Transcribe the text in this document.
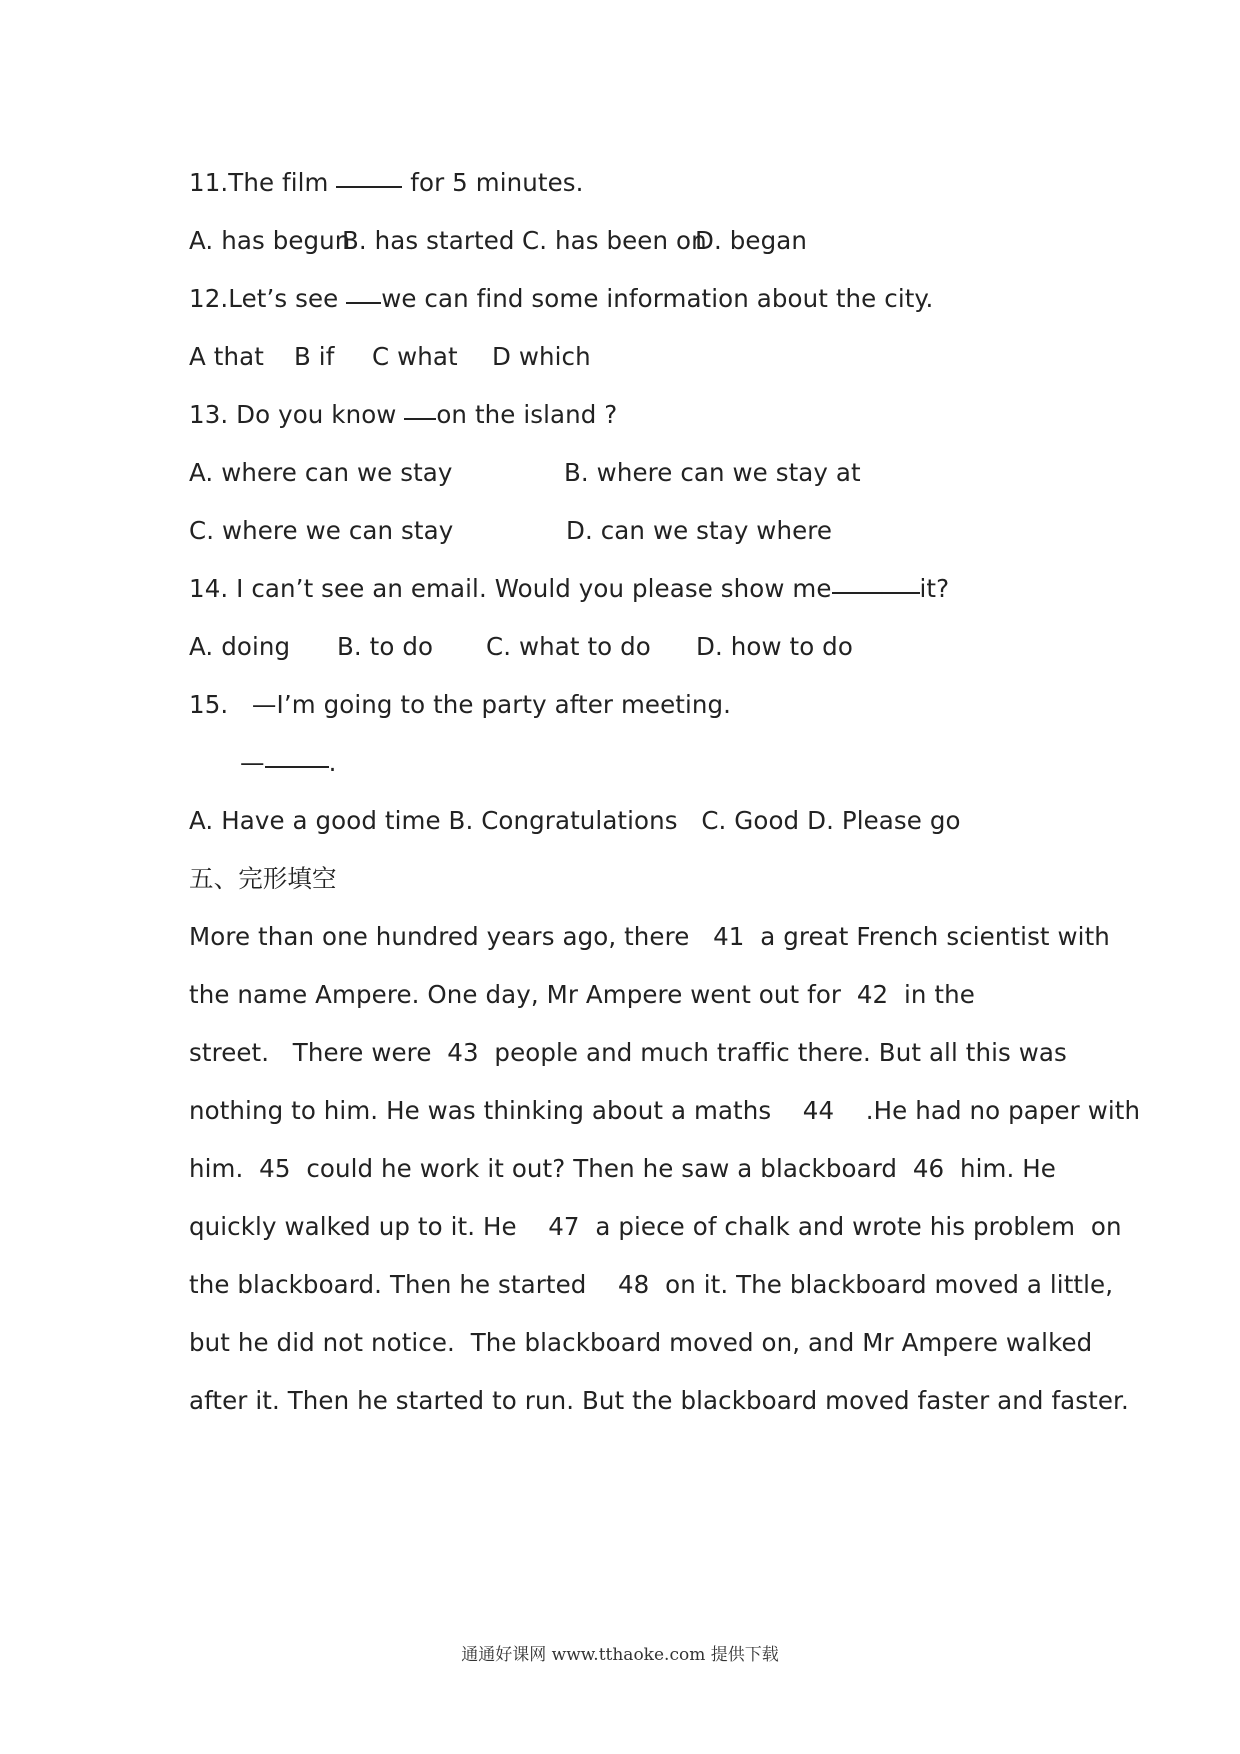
11.The film	for 5 minutes.
A. has begun
B. has started C. has been on
D. began
12.Let’s see we can find some information about the city.
A that B if C what D which
13. Do you know on the island ?
A. where can we stay	B. where can we stay at
C. where we can stay	D. can we stay where
14. I can’t see an email. Would you please show me	it?
A. doing B. to do C. what to do D. how to do
15.   —I’m going to the party after meeting.
—	.
A. Have a good time B. Congratulations C. Good D. Please go
五、完形填空
More than one hundred years ago, there   41  a great French scientist with
the name Ampere. One day, Mr Ampere went out for  42  in the
street.   There were  43  people and much traffic there. But all this was
nothing to him. He was thinking about a maths    44    .He had no paper with
him.  45  could he work it out? Then he saw a blackboard  46  him. He
quickly walked up to it. He    47  a piece of chalk and wrote his problem  on
the blackboard. Then he started    48  on it. The blackboard moved a little,
but he did not notice.  The blackboard moved on, and Mr Ampere walked
after it. Then he started to run. But the blackboard moved faster and faster.
通通好课网 www.tthaoke.com 提供下载
